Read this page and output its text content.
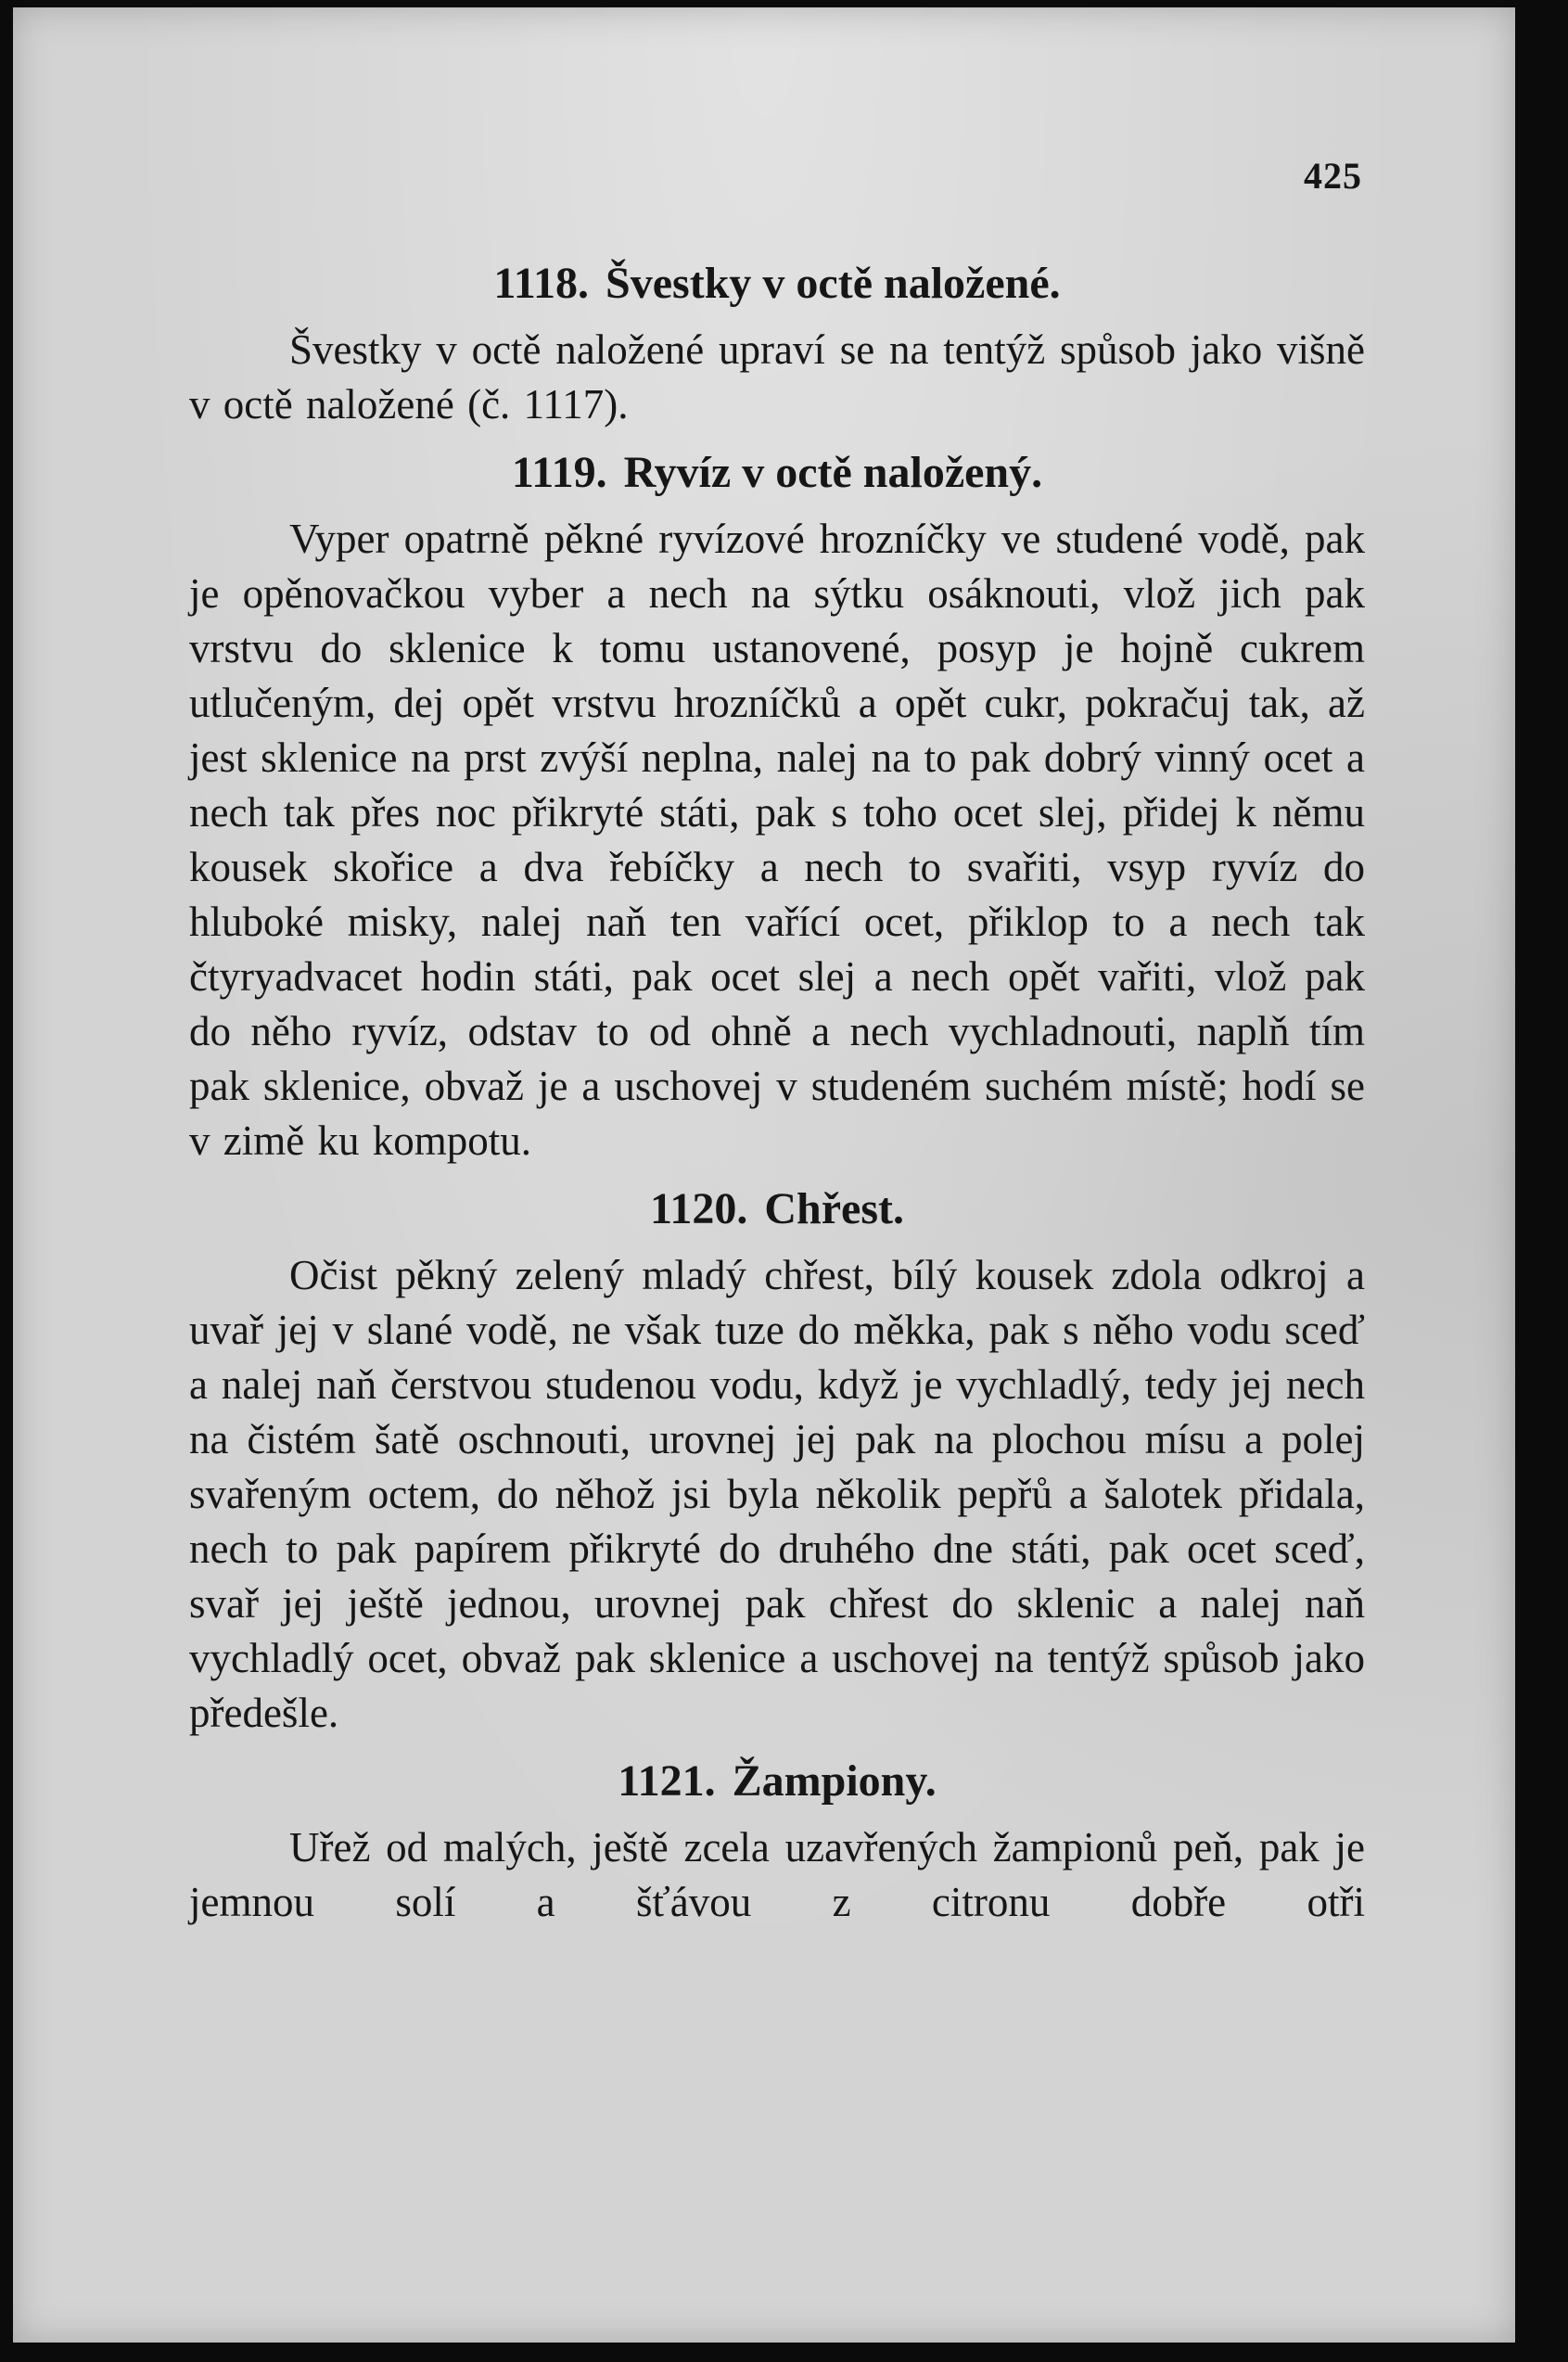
425
1118. Švestky v octě naložené.

Švestky v octě naložené upraví se na tentýž spůsob jako višně v octě naložené (č. 1117).

1119. Ryvíz v octě naložený.

Vyper opatrně pěkné ryvízové hrozníčky ve studené vodě, pak je opěnovačkou vyber a nech na sýtku osáknouti, vlož jich pak vrstvu do sklenice k tomu ustanovené, posyp je hojně cukrem utlučeným, dej opět vrstvu hrozníčků a opět cukr, pokračuj tak, až jest sklenice na prst zvýší neplna, nalej na to pak dobrý vinný ocet a nech tak přes noc přikryté státi, pak s toho ocet slej, přidej k němu kousek skořice a dva řebíčky a nech to svařiti, vsyp ryvíz do hluboké misky, nalej naň ten vařící ocet, přiklop to a nech tak čtyryadvacet hodin státi, pak ocet slej a nech opět vařiti, vlož pak do něho ryvíz, odstav to od ohně a nech vychladnouti, naplň tím pak sklenice, obvaž je a uschovej v studeném suchém místě; hodí se v zimě ku kompotu.

1120. Chřest.

Očist pěkný zelený mladý chřest, bílý kousek zdola odkroj a uvař jej v slané vodě, ne však tuze do měkka, pak s něho vodu sceď a nalej naň čerstvou studenou vodu, když je vychladlý, tedy jej nech na čistém šatě oschnouti, urovnej jej pak na plochou mísu a polej svařeným octem, do něhož jsi byla několik pepřů a šalotek přidala, nech to pak papírem přikryté do druhého dne státi, pak ocet sceď, svař jej ještě jednou, urovnej pak chřest do sklenic a nalej naň vychladlý ocet, obvaž pak sklenice a uschovej na tentýž spůsob jako předešle.

1121. Žampiony.

Uřež od malých, ještě zcela uzavřených žampionů peň, pak je jemnou solí a šťávou z citronu dobře otři
